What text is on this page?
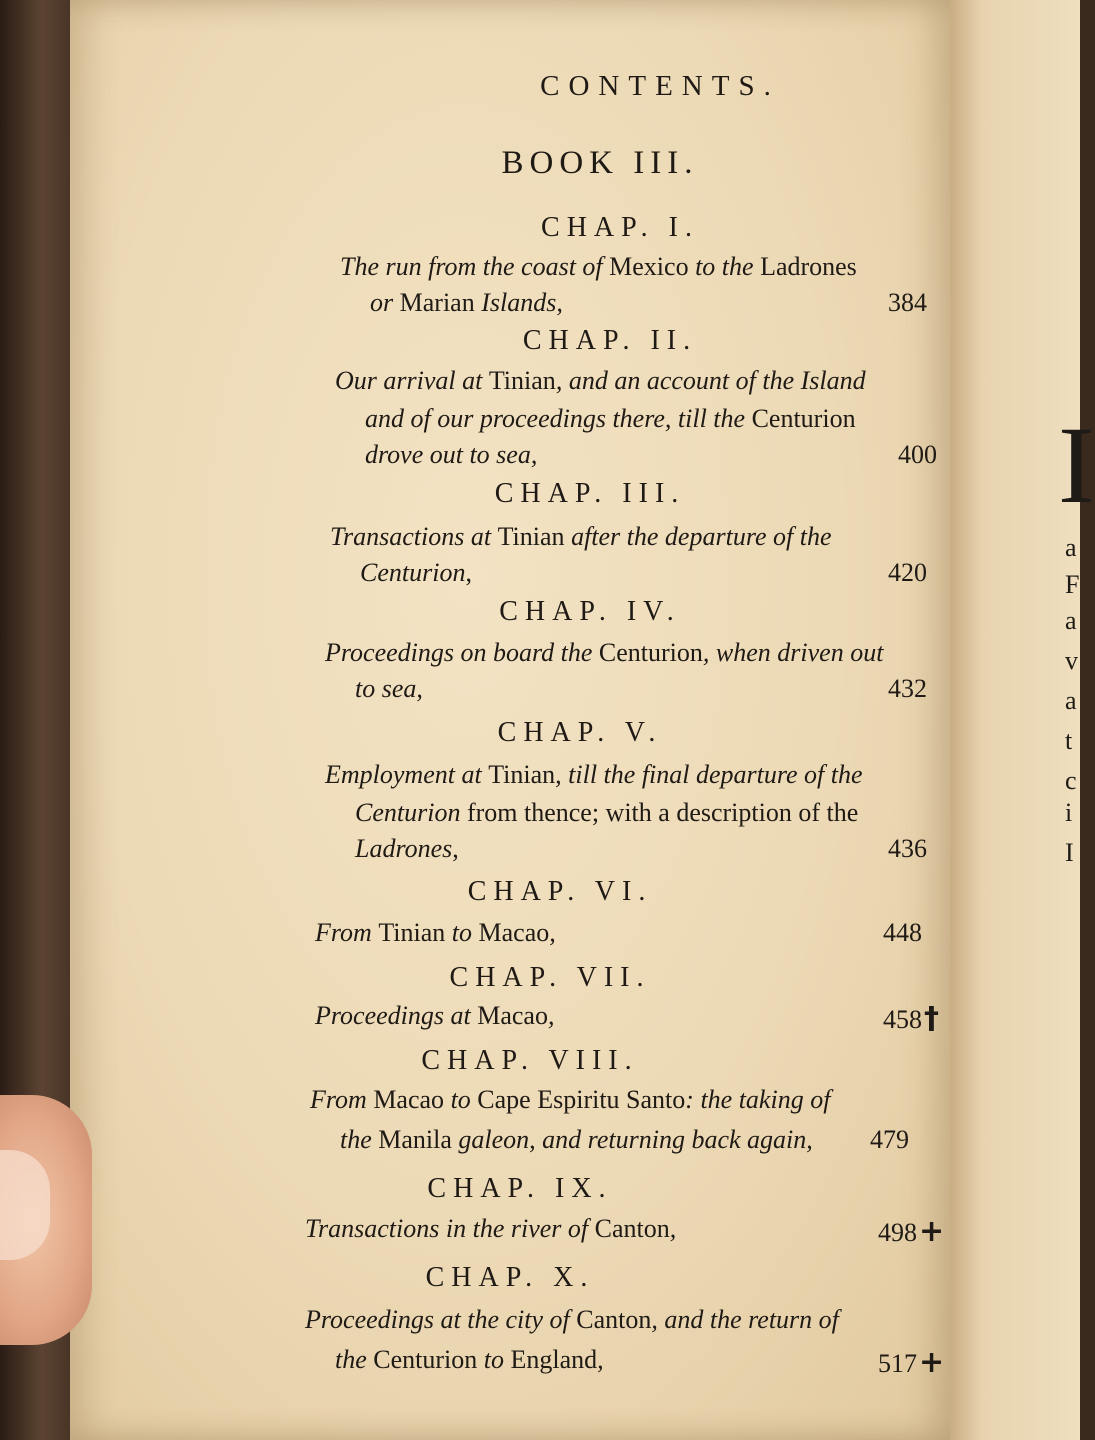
CONTENTS.
BOOK III.
CHAP. I.
The run from the coast of Mexico to the Ladrones
or Marian Islands,	384
CHAP. II.
Our arrival at Tinian, and an account of the Island
and of our proceedings there, till the Centurion
drove out to sea,	400
CHAP. III.
Transactions at Tinian after the departure of the
Centurion,	420
CHAP. IV.
Proceedings on board the Centurion, when driven out
to sea,	432
CHAP. V.
Employment at Tinian, till the final departure of the
Centurion from thence; with a description of the
Ladrones,	436
CHAP. VI.
From Tinian to Macao,	448
CHAP. VII.
Proceedings at Macao,	458†
CHAP. VIII.
From Macao to Cape Espiritu Santo: the taking of
the Manila galeon, and returning back again, 479
CHAP. IX.
Transactions in the river of Canton,	498+
CHAP. X.
Proceedings at the city of Canton, and the return of
the Centurion to England,	517+
I
a
F
a
v
a
t
c
i
I
